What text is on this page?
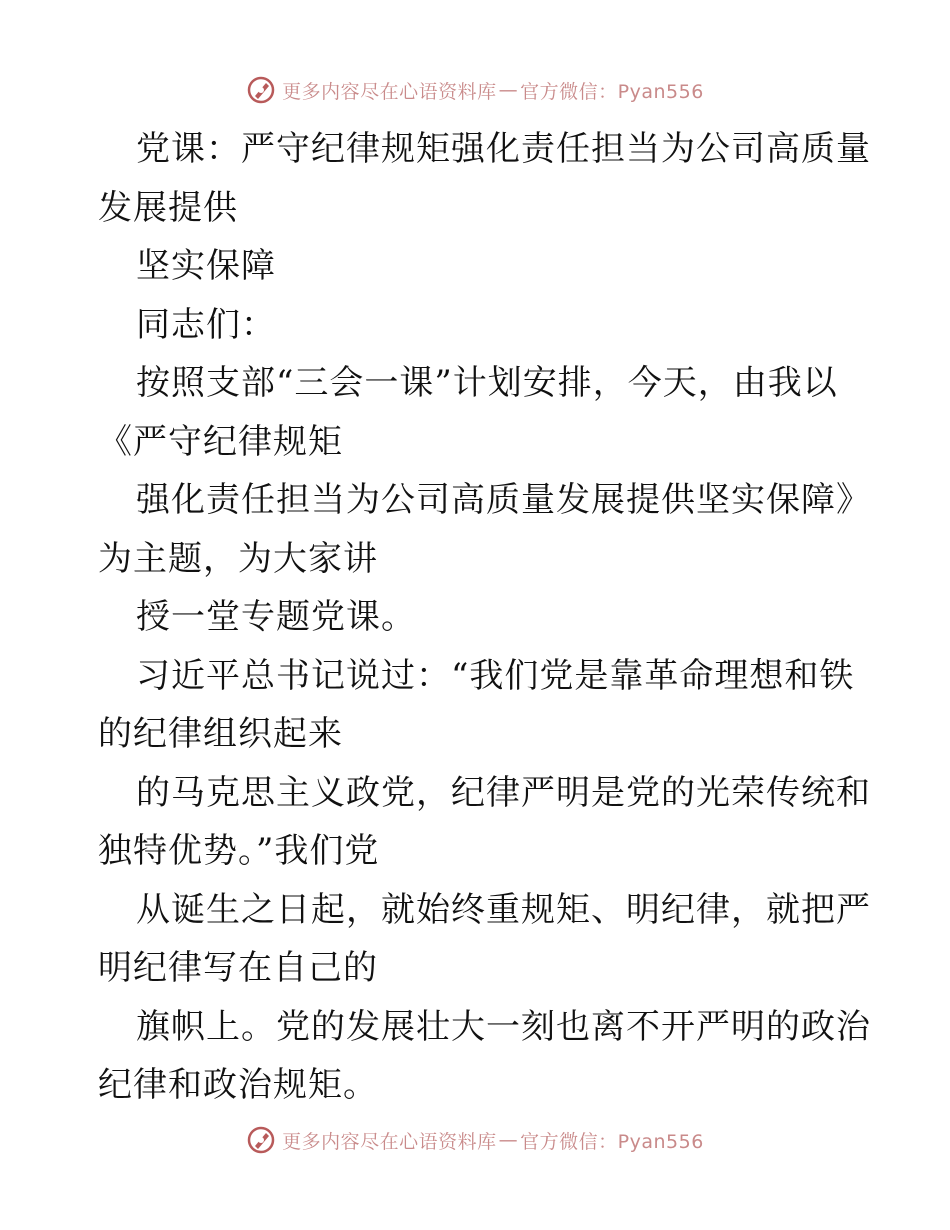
更多内容尽在心语资料库 — 官方微信：Pyan556
党课：严守纪律规矩强化责任担当为公司高质量
发展提供
坚实保障
同志们：
按照支部“三会一课”计划安排，今天，由我以
《严守纪律规矩
强化责任担当为公司高质量发展提供坚实保障》
为主题，为大家讲
授一堂专题党课。
习近平总书记说过：“我们党是靠革命理想和铁
的纪律组织起来
的马克思主义政党，纪律严明是党的光荣传统和
独特优势。”我们党
从诞生之日起，就始终重规矩、明纪律，就把严
明纪律写在自己的
旗帜上。党的发展壮大一刻也离不开严明的政治
纪律和政治规矩。
更多内容尽在心语资料库 — 官方微信：Pyan556
